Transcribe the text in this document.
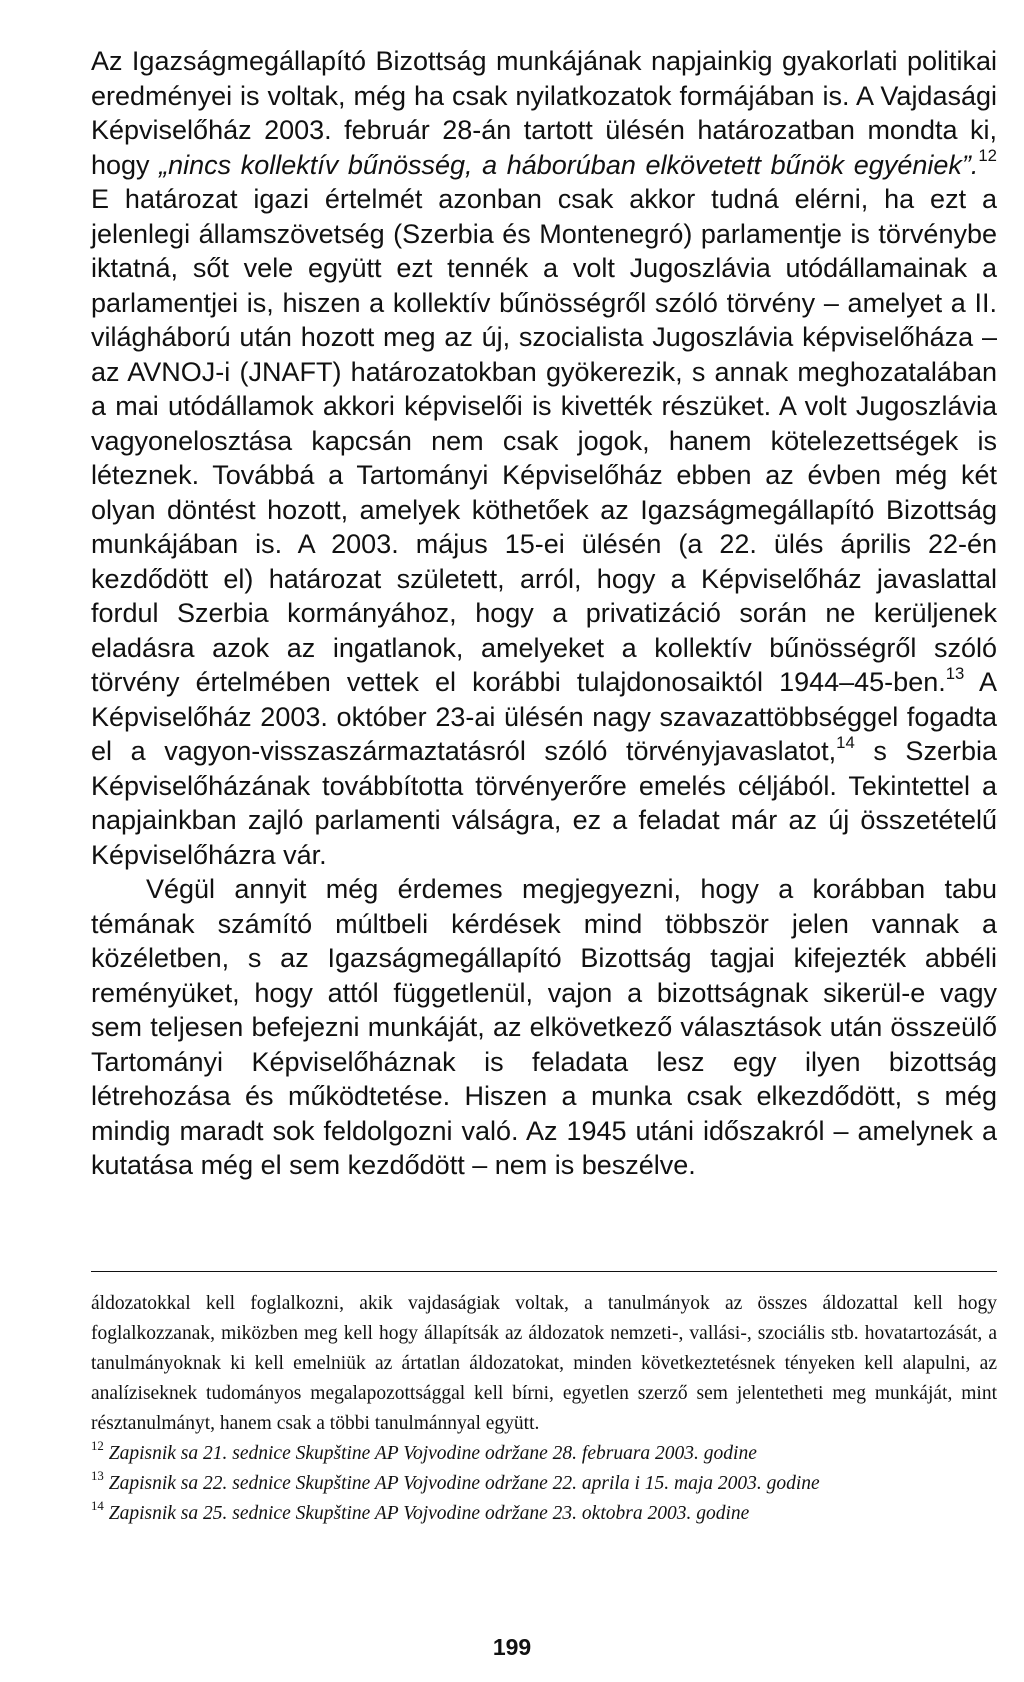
Az Igazságmegállapító Bizottság munkájának napjainkig gyakorlati politikai eredményei is voltak, még ha csak nyilatkozatok formájában is. A Vajdasági Képviselőház 2003. február 28-án tartott ülésén határozatban mondta ki, hogy „nincs kollektív bűnösség, a háborúban elkövetett bűnök egyéniek”.$^{12}$ E határozat igazi értelmét azonban csak akkor tudná elérni, ha ezt a jelenlegi államszövetség (Szerbia és Montenegró) parlamentje is törvénybe iktatná, sőt vele együtt ezt tennék a volt Jugoszlávia utódállamainak a parlamentjei is, hiszen a kollektív bűnösségről szóló törvény – amelyet a II. világháború után hozott meg az új, szocialista Jugoszlávia képviselőháza – az AVNOJ-i (JNAFT) határozatokban gyökerezik, s annak meghozatalában a mai utódállamok akkori képviselői is kivették részüket. A volt Jugoszlávia vagyonelosztása kapcsán nem csak jogok, hanem kötelezettségek is léteznek. Továbbá a Tartományi Képviselőház ebben az évben még két olyan döntést hozott, amelyek köthetőek az Igazságmegállapító Bizottság munkájában is. A 2003. május 15-ei ülésén (a 22. ülés április 22-én kezdődött el) határozat született, arról, hogy a Képviselőház javaslattal fordul Szerbia kormányához, hogy a privatizáció során ne kerüljenek eladásra azok az ingatlanok, amelyeket a kollektív bűnösségről szóló törvény értelmében vettek el korábbi tulajdonosaiktól 1944–45-ben.$^{13}$ A Képviselőház 2003. október 23-ai ülésén nagy szavazattöbbséggel fogadta el a vagyon-visszaszármaztatásról szóló törvényjavaslatot,$^{14}$ s Szerbia Képviselőházának továbbította törvényerőre emelés céljából. Tekintettel a napjainkban zajló parlamenti válságra, ez a feladat már az új összetételű Képviselőházra vár.

Végül annyit még érdemes megjegyezni, hogy a korábban tabu témának számító múltbeli kérdések mind többször jelen vannak a közéletben, s az Igazságmegállapító Bizottság tagjai kifejezték abbéli reményüket, hogy attól függetlenül, vajon a bizottságnak sikerül-e vagy sem teljesen befejezni munkáját, az elkövetkező választások után összeülő Tartományi Képviselőháznak is feladata lesz egy ilyen bizottság létrehozása és működtetése. Hiszen a munka csak elkezdődött, s még mindig maradt sok feldolgozni való. Az 1945 utáni időszakról – amelynek a kutatása még el sem kezdődött – nem is beszélve.

áldozatokkal kell foglalkozni, akik vajdaságiak voltak, a tanulmányok az összes áldozattal kell hogy foglalkozzanak, miközben meg kell hogy állapítsák az áldozatok nemzeti-, vallási-, szociális stb. hovatartozását, a tanulmányoknak ki kell emelniük az ártatlan áldozatokat, minden következtetésnek tényeken kell alapulni, az analíziseknek tudományos megalapozottsággal kell bírni, egyetlen szerző sem jelentetheti meg munkáját, mint résztanulmányt, hanem csak a többi tanulmánnyal együtt.

$^{12}$ Zapisnik sa 21. sednice Skupštine AP Vojvodine održane 28. februara 2003. godine

$^{13}$ Zapisnik sa 22. sednice Skupštine AP Vojvodine održane 22. aprila i 15. maja 2003. godine

$^{14}$ Zapisnik sa 25. sednice Skupštine AP Vojvodine održane 23. oktobra 2003. godine

199
